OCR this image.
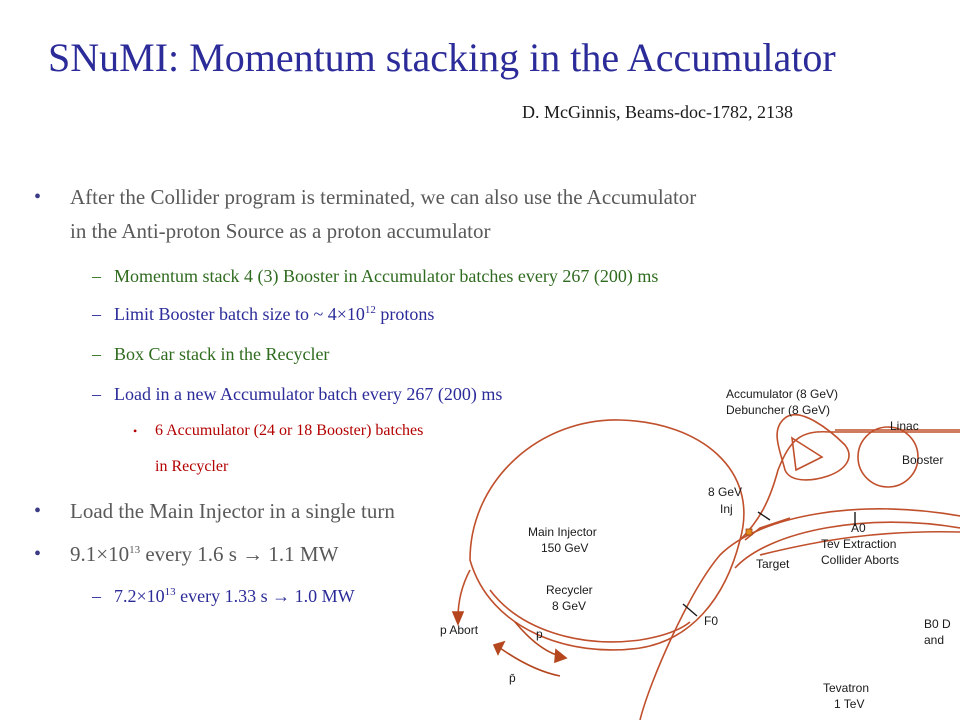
SNuMI: Momentum stacking in the Accumulator
D. McGinnis, Beams-doc-1782, 2138
• After the Collider program is terminated, we can also use the Accumulator
in the Anti-proton Source as a proton accumulator
– Momentum stack 4 (3) Booster in Accumulator batches every 267 (200) ms
– Limit Booster batch size to ~ $4\times 10^{12}$ protons
– Box Car stack in the Recycler
– Load in a new Accumulator batch every 267 (200) ms
• 6 Accumulator (24 or 18 Booster) batches
in Recycler
• Load the Main Injector in a single turn
• $9.1\times 10^{13}$ every 1.6 s → 1.1 MW
– $7.2\times 10^{13}$ every 1.33 s → 1.0 MW
Accumulator (8 GeV)
Debuncher (8 GeV)
Linac
Booster
8 GeV
Inj
A0
Tev Extraction
Collider Aborts
Target
Main Injector
150 GeV
Recycler
8 GeV
p Abort
F0
p
p̄
B0 D
and
Tevatron
1 TeV
